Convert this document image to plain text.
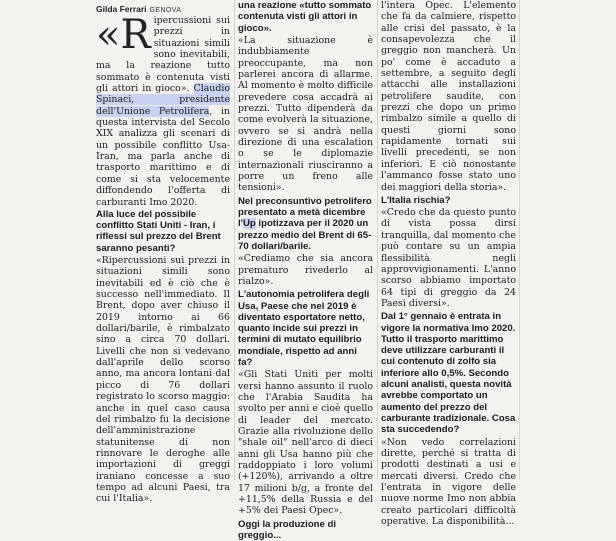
Gilda Ferrari GENOVA
«R ipercussioni sui prezzi in situazioni simili sono inevitabili, ma la reazione tutto sommato è contenuta visti gli attori in gioco». Claudio Spinaci, presidente dell'Unione Petrolifera, in questa intervista del Secolo XIX analizza gli scenari di un possibile conflitto Usa-Iran, ma parla anche di trasporto marittimo e di come si sta velocemente diffondendo l'offerta di carburanti Imo 2020.

Alla luce del possibile conflitto Stati Uniti - Iran, i riflessi sul prezzo del Brent saranno pesanti?

«Ripercussioni sui prezzi in situazioni simili sono inevitabili ed è ciò che è successo nell'immediato. Il Brent, dopo aver chiuso il 2019 intorno ai 66 dollari/barile, è rimbalzato sino a circa 70 dollari. Livelli che non si vedevano dall'aprile dello scorso anno, ma ancora lontani dal picco di 76 dollari registrato lo scorso maggio: anche in quel caso causa del rimbalzo fu la decisione dell'amministrazione statunitense di non rinnovare le deroghe alle importazioni di greggi iraniano concesse a suo tempo ad alcuni Paesi, tra cui l'Italia».

una reazione «tutto sommato contenuta visti gli attori in gioco».

«La situazione è indubbiamente preoccupante, ma non parlerei ancora di allarme. Al momento è molto difficile prevedere cosa accadrà ai prezzi. Tutto dipenderà da come evolverà la situazione, ovvero se si andrà nella direzione di una escalation o se le diplomazie internazionali riusciranno a porre un freno alle tensioni».

Nel preconsuntivo petrolifero presentato a metà dicembre l'Up ipotizzava per il 2020 un prezzo medio del Brent di 65-70 dollari/barile.

«Crediamo che sia ancora prematuro rivederlo al rialzo».

L'autonomia petrolifera degli Usa, Paese che nel 2019 è diventato esportatore netto, quanto incide sui prezzi in termini di mutato equilibrio mondiale, rispetto ad anni fa?

«Gli Stati Uniti per molti versi hanno assunto il ruolo che l'Arabia Saudita ha svolto per anni e cioè quello di leader del mercato. Grazie alla rivoluzione dello "shale oil" nell'arco di dieci anni gli Usa hanno più che raddoppiato i loro volumi (+120%), arrivando a oltre 17 milioni b/g, a fronte del +11,5% della Russia e del +5% dei Paesi Opec».

Oggi la produzione di greggio...

l'intera Opec. L'elemento che fa da calmiere, rispetto alle crisi del passato, è la consapevolezza che il greggio non mancherà. Un po' come è accaduto a settembre, a seguito degli attacchi alle installazioni petrolifere saudite, con prezzi che dopo un primo rimbalzo simile a quello di questi giorni sono rapidamente tornati sui livelli precedenti, se non inferiori. E ciò nonostante l'ammanco fosse stato uno dei maggiori della storia».

L'Italia rischia?

«Credo che da questo punto di vista possa dirsi tranquilla, dal momento che può contare su un ampia flessibilità negli approvvigionamenti. L'anno scorso abbiamo importato 64 tipi di greggio da 24 Paesi diversi».

Dal 1° gennaio è entrata in vigore la normativa Imo 2020. Tutto il trasporto marittimo deve utilizzare carburanti il cui contenuto di zolfo sia inferiore allo 0,5%. Secondo alcuni analisti, questa novità avrebbe comportato un aumento del prezzo del carburante tradizionale. Cosa sta succedendo?

«Non vedo correlazioni dirette, perché si tratta di prodotti destinati a usi e mercati diversi. Credo che l'entrata in vigore delle nuove norme Imo non abbia creato particolari difficoltà operative. La disponibilità...
